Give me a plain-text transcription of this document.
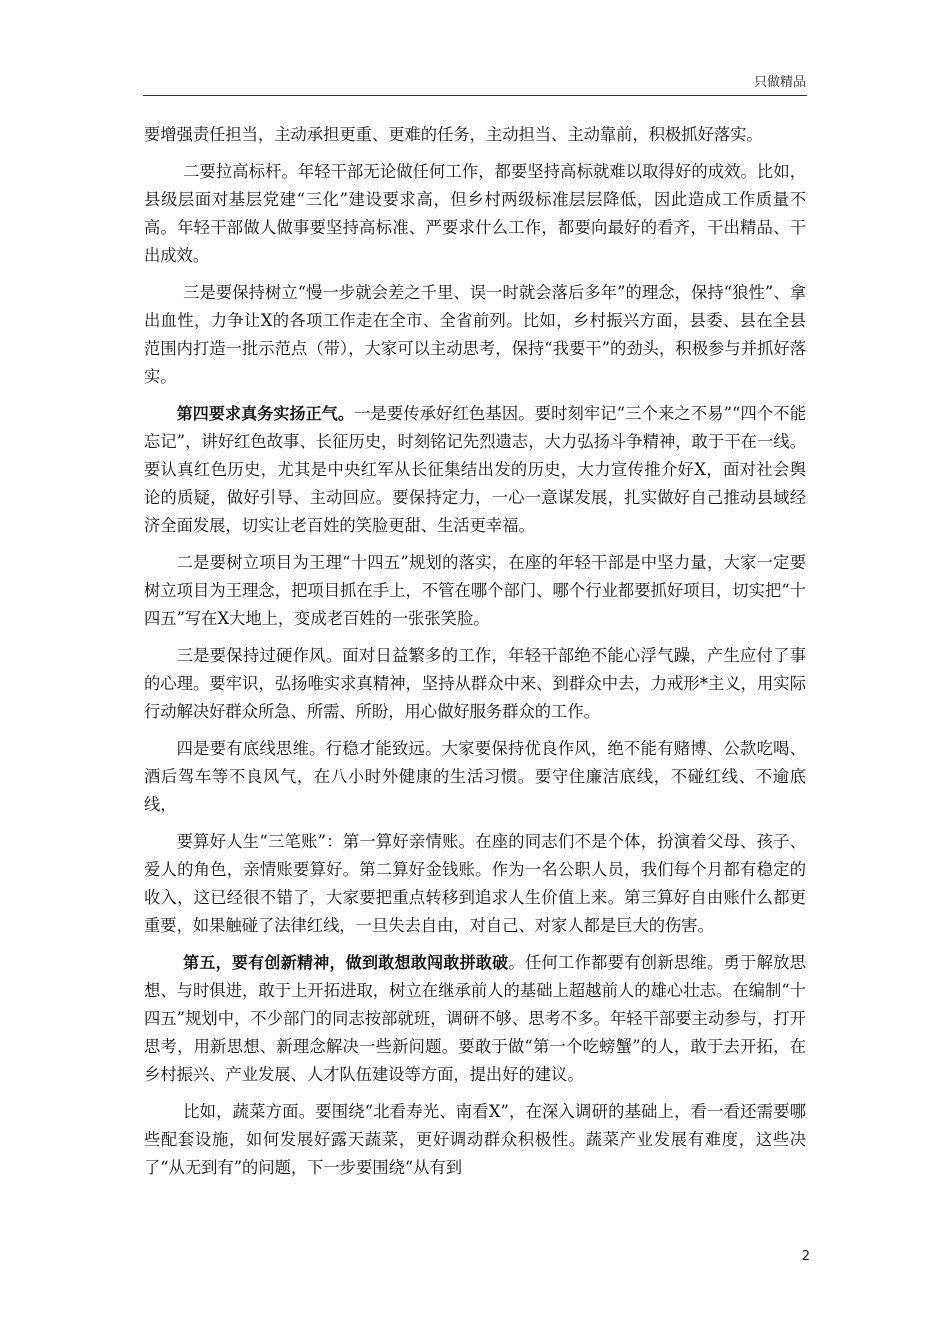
只做精品

要增强责任担当，主动承担更重、更难的任务，主动担当、主动靠前，积极抓好落实。

二要拉高标杆。年轻干部无论做任何工作，都要坚持高标就难以取得好的成效。比如，县级层面对基层党建“三化”建设要求高，但乡村两级标准层层降低，因此造成工作质量不高。年轻干部做人做事要坚持高标准、严要求什么工作，都要向最好的看齐，干出精品、干出成效。

三是要保持树立“慢一步就会差之千里、误一时就会落后多年”的理念，保持“狼性”、拿出血性，力争让X的各项工作走在全市、全省前列。比如，乡村振兴方面，县委、县在全县范围内打造一批示范点（带），大家可以主动思考，保持“我要干”的劲头，积极参与并抓好落实。

第四要求真务实扬正气。一是要传承好红色基因。要时刻牢记“三个来之不易”“四个不能忘记”，讲好红色故事、长征历史，时刻铭记先烈遗志，大力弘扬斗争精神，敢于干在一线。要认真红色历史，尤其是中央红军从长征集结出发的历史，大力宣传推介好X，面对社会舆论的质疑，做好引导、主动回应。要保持定力，一心一意谋发展，扎实做好自己推动县域经济全面发展，切实让老百姓的笑脸更甜、生活更幸福。

二是要树立项目为王理“十四五”规划的落实，在座的年轻干部是中坚力量，大家一定要树立项目为王理念，把项目抓在手上，不管在哪个部门、哪个行业都要抓好项目，切实把“十四五”写在X大地上，变成老百姓的一张张笑脸。

三是要保持过硬作风。面对日益繁多的工作，年轻干部绝不能心浮气躁，产生应付了事的心理。要牢识，弘扬唯实求真精神，坚持从群众中来、到群众中去，力戒形*主义，用实际行动解决好群众所急、所需、所盼，用心做好服务群众的工作。

四是要有底线思维。行稳才能致远。大家要保持优良作风，绝不能有赌博、公款吃喝、酒后驾车等不良风气，在八小时外健康的生活习惯。要守住廉洁底线，不碰红线、不逾底线，

要算好人生“三笔账”：第一算好亲情账。在座的同志们不是个体，扮演着父母、孩子、爱人的角色，亲情账要算好。第二算好金钱账。作为一名公职人员，我们每个月都有稳定的收入，这已经很不错了，大家要把重点转移到追求人生价值上来。第三算好自由账什么都更重要，如果触碰了法律红线，一旦失去自由，对自己、对家人都是巨大的伤害。

第五，要有创新精神，做到敢想敢闯敢拼敢破。任何工作都要有创新思维。勇于解放思想、与时俱进，敢于上开拓进取，树立在继承前人的基础上超越前人的雄心壮志。在编制“十四五”规划中，不少部门的同志按部就班，调研不够、思考不多。年轻干部要主动参与，打开思考，用新思想、新理念解决一些新问题。要敢于做“第一个吃螃蟹”的人，敢于去开拓，在乡村振兴、产业发展、人才队伍建设等方面，提出好的建议。

比如，蔬菜方面。要围绕“北看寿光、南看X”，在深入调研的基础上，看一看还需要哪些配套设施，如何发展好露天蔬菜，更好调动群众积极性。蔬菜产业发展有难度，这些决了“从无到有”的问题，下一步要围绕“从有到

2
